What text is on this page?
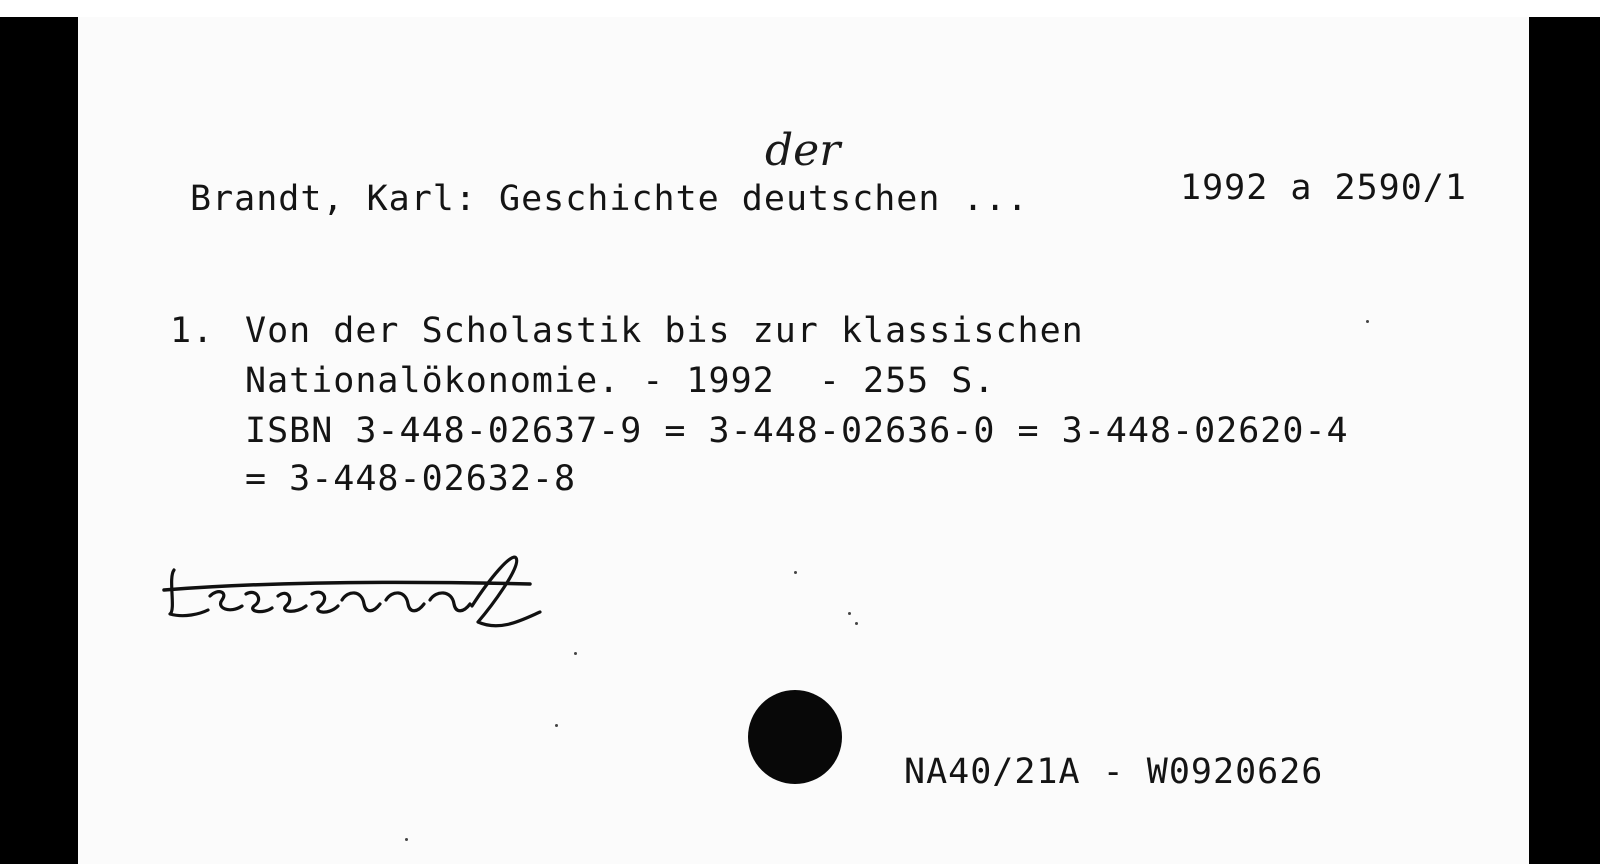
der
Brandt, Karl: Geschichte deutschen ...	1992 a 2590/1
1. Von der Scholastik bis zur klassischen
Nationalökonomie. - 1992  - 255 S.
ISBN 3-448-02637-9 = 3-448-02636-0 = 3-448-02620-4
= 3-448-02632-8
NA40/21A - W0920626
